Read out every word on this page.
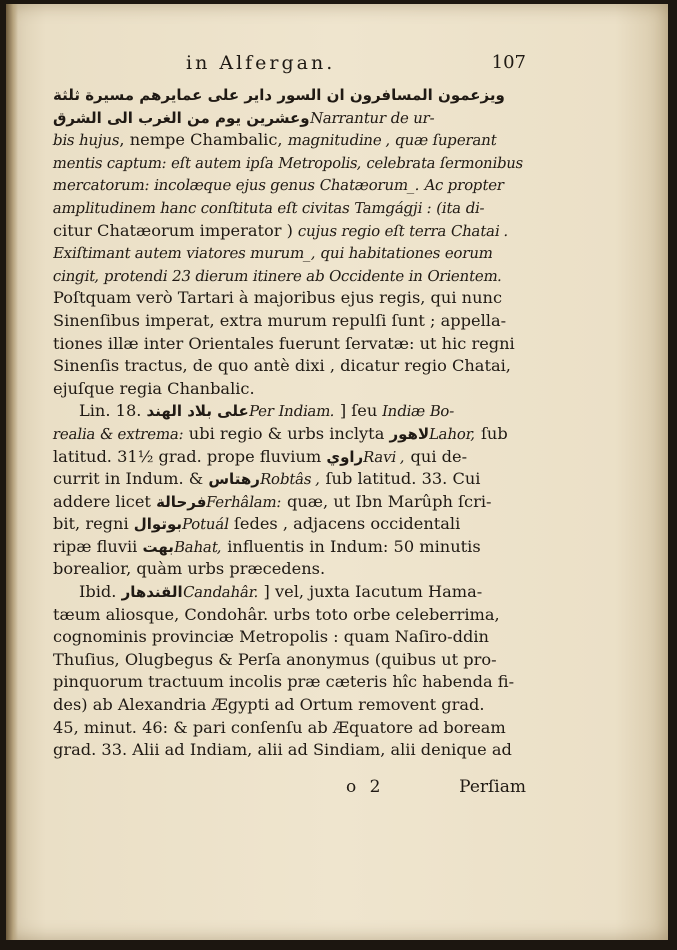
in Alfergan.	107
ويزعمون المسافرون ان السور داير على عمايرهم مسيرة ثلثة
وعشرين يوم من الغرب الى الشرقNarrantur de ur-
bis hujus, nempe Chambalic, magnitudine , quæ ſuperant
mentis captum: eſt autem ipſa Metropolis, celebrata ſermonibus
mercatorum: incolæque ejus genus Chatæorum_. Ac propter
amplitudinem hanc conſtituta eſt civitas Tamgágji : (ita di-
citur Chatæorum imperator ) cujus regio eſt terra Chatai .
Exiſtimant autem viatores murum_, qui habitationes eorum
cingit, protendi 23 dierum itinere ab Occidente in Orientem.
Poſtquam verò Tartari à majoribus ejus regis, qui nunc
Sinenſibus imperat, extra murum repulſi ſunt ; appella-
tiones illæ inter Orientales fuerunt ſervatæ: ut hic regni
Sinenſis tractus, de quo antè dixi , dicatur regio Chatai,
ejuſque regia Chanbalic.
Lin. 18. على بلاد الهندPer Indiam. ] ſeu Indiæ Bo-
realia & extrema: ubi regio & urbs inclyta لاهورLahor, ſub
latitud. 31½ grad. prope fluvium راويRavi , qui de-
currit in Indum. & رهتاسRobtâs , ſub latitud. 33. Cui
addere licet فرحالةFerhâlam: quæ, ut Ibn Marûph ſcri-
bit, regni بوتوالPotuál ſedes , adjacens occidentali
ripæ fluvii بهتBahat, influentis in Indum: 50 minutis
borealior, quàm urbs præcedens.
Ibid. القندهارCandahâr. ] vel, juxta Iacutum Hama-
tæum aliosque, Condohâr. urbs toto orbe celeberrima,
cognominis provinciæ Metropolis : quam Naſiro-ddin
Thuſius, Olugbegus & Perſa anonymus (quibus ut pro-
pinquorum tractuum incolis præ cæteris hîc habenda fi-
des) ab Alexandria Ægypti ad Ortum removent grad.
45, minut. 46: & pari conſenſu ab Æquatore ad boream
grad. 33. Alii ad Indiam, alii ad Sindiam, alii denique ad
o 2	Perſiam
